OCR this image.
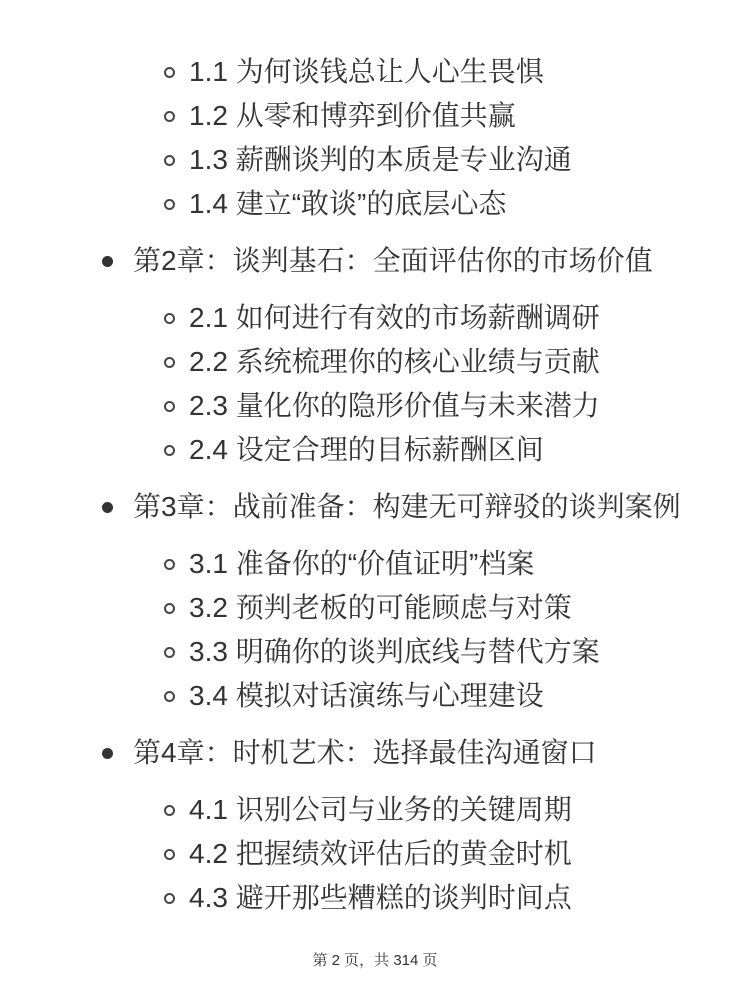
1.1 为何谈钱总让人心生畏惧
1.2 从零和博弈到价值共赢
1.3 薪酬谈判的本质是专业沟通
1.4 建立“敢谈”的底层心态
第2章：谈判基石：全面评估你的市场价值
2.1 如何进行有效的市场薪酬调研
2.2 系统梳理你的核心业绩与贡献
2.3 量化你的隐形价值与未来潜力
2.4 设定合理的目标薪酬区间
第3章：战前准备：构建无可辩驳的谈判案例
3.1 准备你的“价值证明”档案
3.2 预判老板的可能顾虑与对策
3.3 明确你的谈判底线与替代方案
3.4 模拟对话演练与心理建设
第4章：时机艺术：选择最佳沟通窗口
4.1 识别公司与业务的关键周期
4.2 把握绩效评估后的黄金时机
4.3 避开那些糟糕的谈判时间点
第 2 页，共 314 页
